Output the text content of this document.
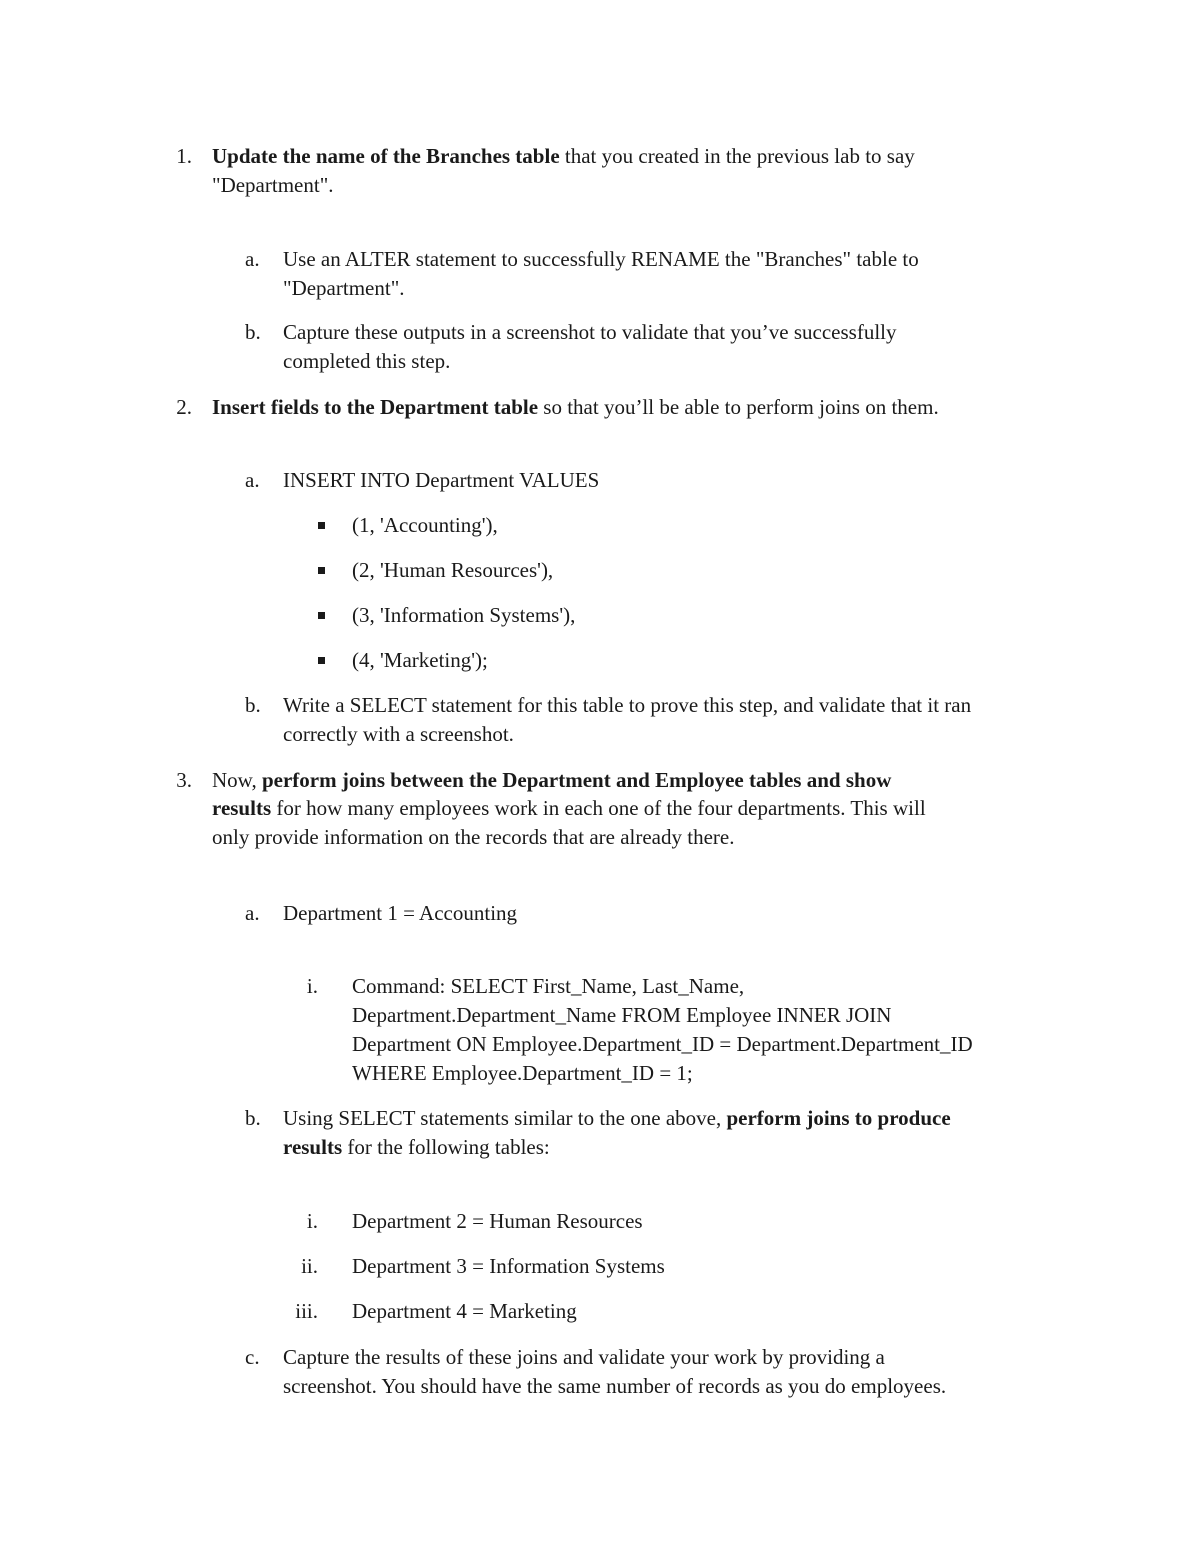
1. Update the name of the Branches table that you created in the previous lab to say
"Department".
a. Use an ALTER statement to successfully RENAME the "Branches" table to
"Department".
b. Capture these outputs in a screenshot to validate that you’ve successfully
completed this step.
2. Insert fields to the Department table so that you’ll be able to perform joins on them.
a. INSERT INTO Department VALUES
(1, 'Accounting'),
(2, 'Human Resources'),
(3, 'Information Systems'),
(4, 'Marketing');
b. Write a SELECT statement for this table to prove this step, and validate that it ran
correctly with a screenshot.
3. Now, perform joins between the Department and Employee tables and show
results for how many employees work in each one of the four departments. This will
only provide information on the records that are already there.
a. Department 1 = Accounting
i. Command: SELECT First_Name, Last_Name,
Department.Department_Name FROM Employee INNER JOIN
Department ON Employee.Department_ID = Department.Department_ID
WHERE Employee.Department_ID = 1;
b. Using SELECT statements similar to the one above, perform joins to produce
results for the following tables:
i. Department 2 = Human Resources
ii. Department 3 = Information Systems
iii. Department 4 = Marketing
c. Capture the results of these joins and validate your work by providing a
screenshot. You should have the same number of records as you do employees.
